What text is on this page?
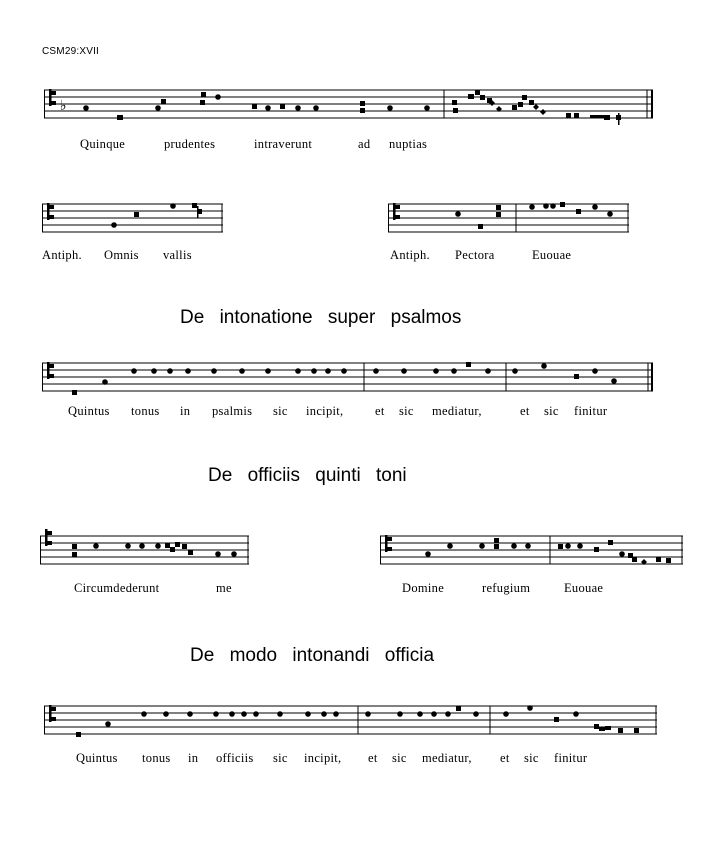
CSM29:XVII
♭
Quinque	prudentes	intraverunt	ad nuptias
Antiph. Omnis vallis	Antiph. Pectora	Euouae
De intonatione super psalmos
Quintus tonus in psalmis sic incipit,	et sic mediatur,	et sic finitur
De officiis quinti toni
Circumdederunt	me	Domine	refugium	Euouae
De modo intonandi officia
Quintus tonus in officiis sic incipit, et sic mediatur, et sic finitur
